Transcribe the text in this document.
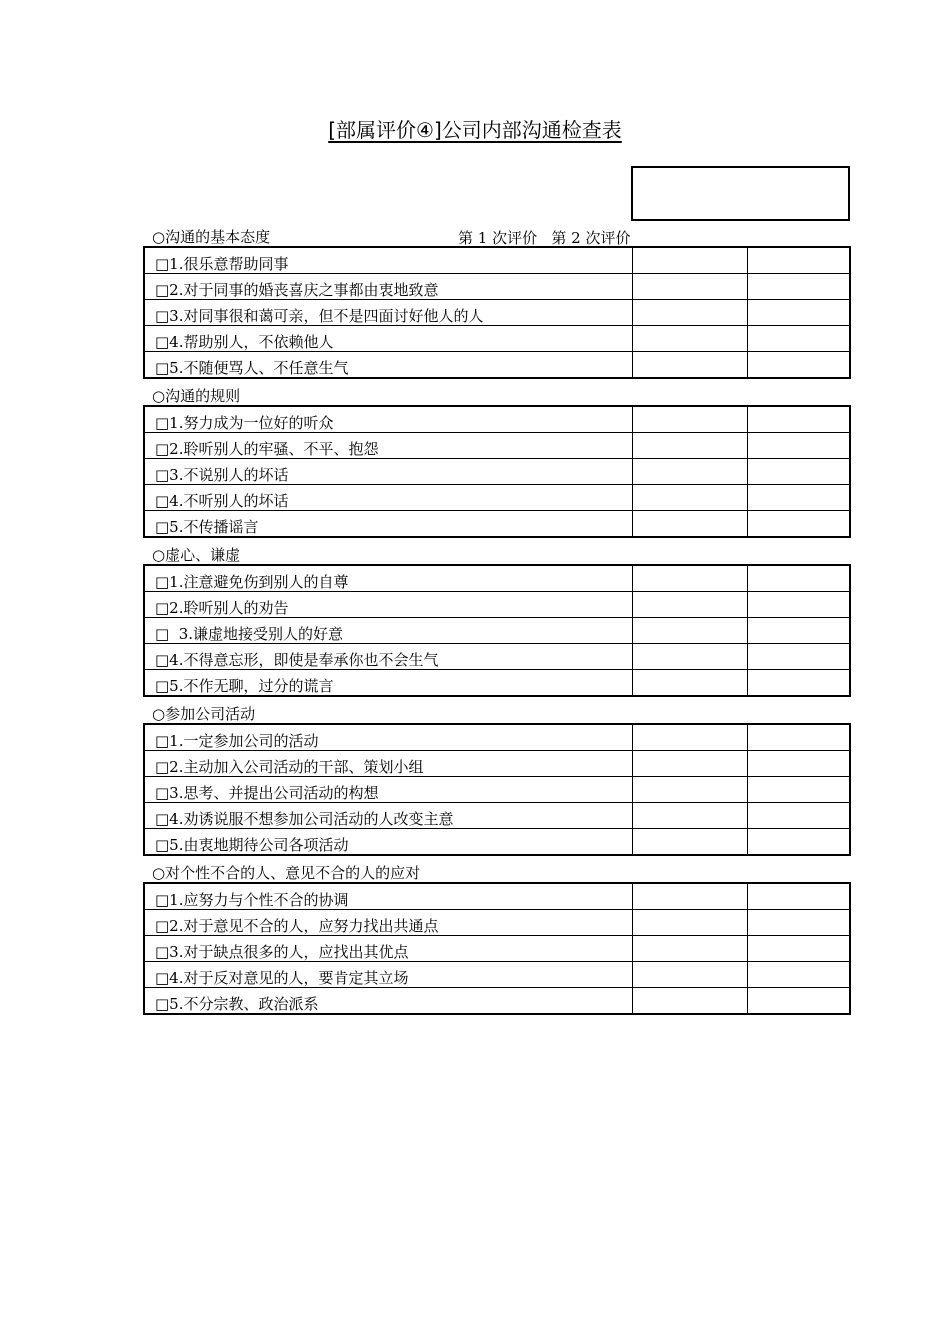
[部属评价④]公司内部沟通检查表
第 1 次评价 第 2 次评价
○沟通的基本态度
□1.很乐意帮助同事		
□2.对于同事的婚丧喜庆之事都由衷地致意		
□3.对同事很和蔼可亲，但不是四面讨好他人的人		
□4.帮助别人，不依赖他人		
□5.不随便骂人、不任意生气		
○沟通的规则
□1.努力成为一位好的听众		
□2.聆听别人的牢骚、不平、抱怨		
□3.不说别人的坏话		
□4.不听别人的坏话		
□5.不传播谣言		
○虚心、谦虚
□1.注意避免伤到别人的自尊		
□2.聆听别人的劝告		
□  3.谦虚地接受别人的好意		
□4.不得意忘形，即使是奉承你也不会生气		
□5.不作无聊，过分的谎言		
○参加公司活动
□1.一定参加公司的活动		
□2.主动加入公司活动的干部、策划小组		
□3.思考、并提出公司活动的构想		
□4.劝诱说服不想参加公司活动的人改变主意		
□5.由衷地期待公司各项活动		
○对个性不合的人、意见不合的人的应对
□1.应努力与个性不合的协调		
□2.对于意见不合的人，应努力找出共通点		
□3.对于缺点很多的人，应找出其优点		
□4.对于反对意见的人，要肯定其立场		
□5.不分宗教、政治派系		
